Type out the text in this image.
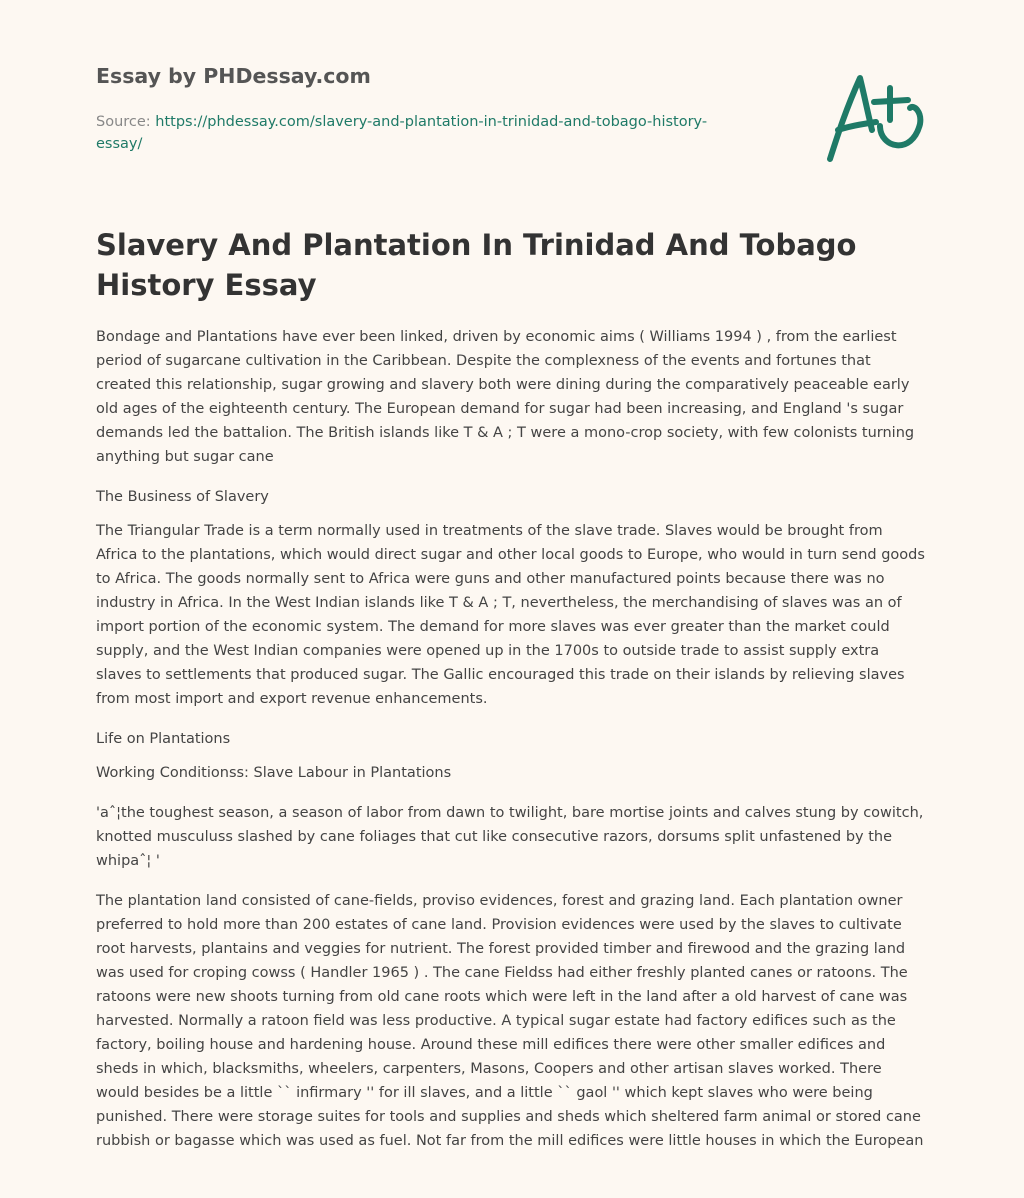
Essay by PHDessay.com
Source: https://phdessay.com/slavery-and-plantation-in-trinidad-and-tobago-history-essay/
Slavery And Plantation In Trinidad And Tobago History Essay

Bondage and Plantations have ever been linked, driven by economic aims ( Williams 1994 ) , from the earliest period of sugarcane cultivation in the Caribbean. Despite the complexness of the events and fortunes that created this relationship, sugar growing and slavery both were dining during the comparatively peaceable early old ages of the eighteenth century. The European demand for sugar had been increasing, and England 's sugar demands led the battalion. The British islands like T & A ; T were a mono-crop society, with few colonists turning anything but sugar cane

The Business of Slavery

The Triangular Trade is a term normally used in treatments of the slave trade. Slaves would be brought from Africa to the plantations, which would direct sugar and other local goods to Europe, who would in turn send goods to Africa. The goods normally sent to Africa were guns and other manufactured points because there was no industry in Africa. In the West Indian islands like T & A ; T, nevertheless, the merchandising of slaves was an of import portion of the economic system. The demand for more slaves was ever greater than the market could supply, and the West Indian companies were opened up in the 1700s to outside trade to assist supply extra slaves to settlements that produced sugar. The Gallic encouraged this trade on their islands by relieving slaves from most import and export revenue enhancements.

Life on Plantations

Working Conditionss: Slave Labour in Plantations

'aˆ¦the toughest season, a season of labor from dawn to twilight, bare mortise joints and calves stung by cowitch, knotted musculuss slashed by cane foliages that cut like consecutive razors, dorsums split unfastened by the whipaˆ¦ '

The plantation land consisted of cane-fields, proviso evidences, forest and grazing land. Each plantation owner preferred to hold more than 200 estates of cane land. Provision evidences were used by the slaves to cultivate root harvests, plantains and veggies for nutrient. The forest provided timber and firewood and the grazing land was used for croping cowss ( Handler 1965 ) . The cane Fieldss had either freshly planted canes or ratoons. The ratoons were new shoots turning from old cane roots which were left in the land after a old harvest of cane was harvested. Normally a ratoon field was less productive. A typical sugar estate had factory edifices such as the factory, boiling house and hardening house. Around these mill edifices there were other smaller edifices and sheds in which, blacksmiths, wheelers, carpenters, Masons, Coopers and other artisan slaves worked. There would besides be a little `` infirmary '' for ill slaves, and a little `` gaol '' which kept slaves who were being punished. There were storage suites for tools and supplies and sheds which sheltered farm animal or stored cane rubbish or bagasse which was used as fuel. Not far from the mill edifices were little houses in which the European
